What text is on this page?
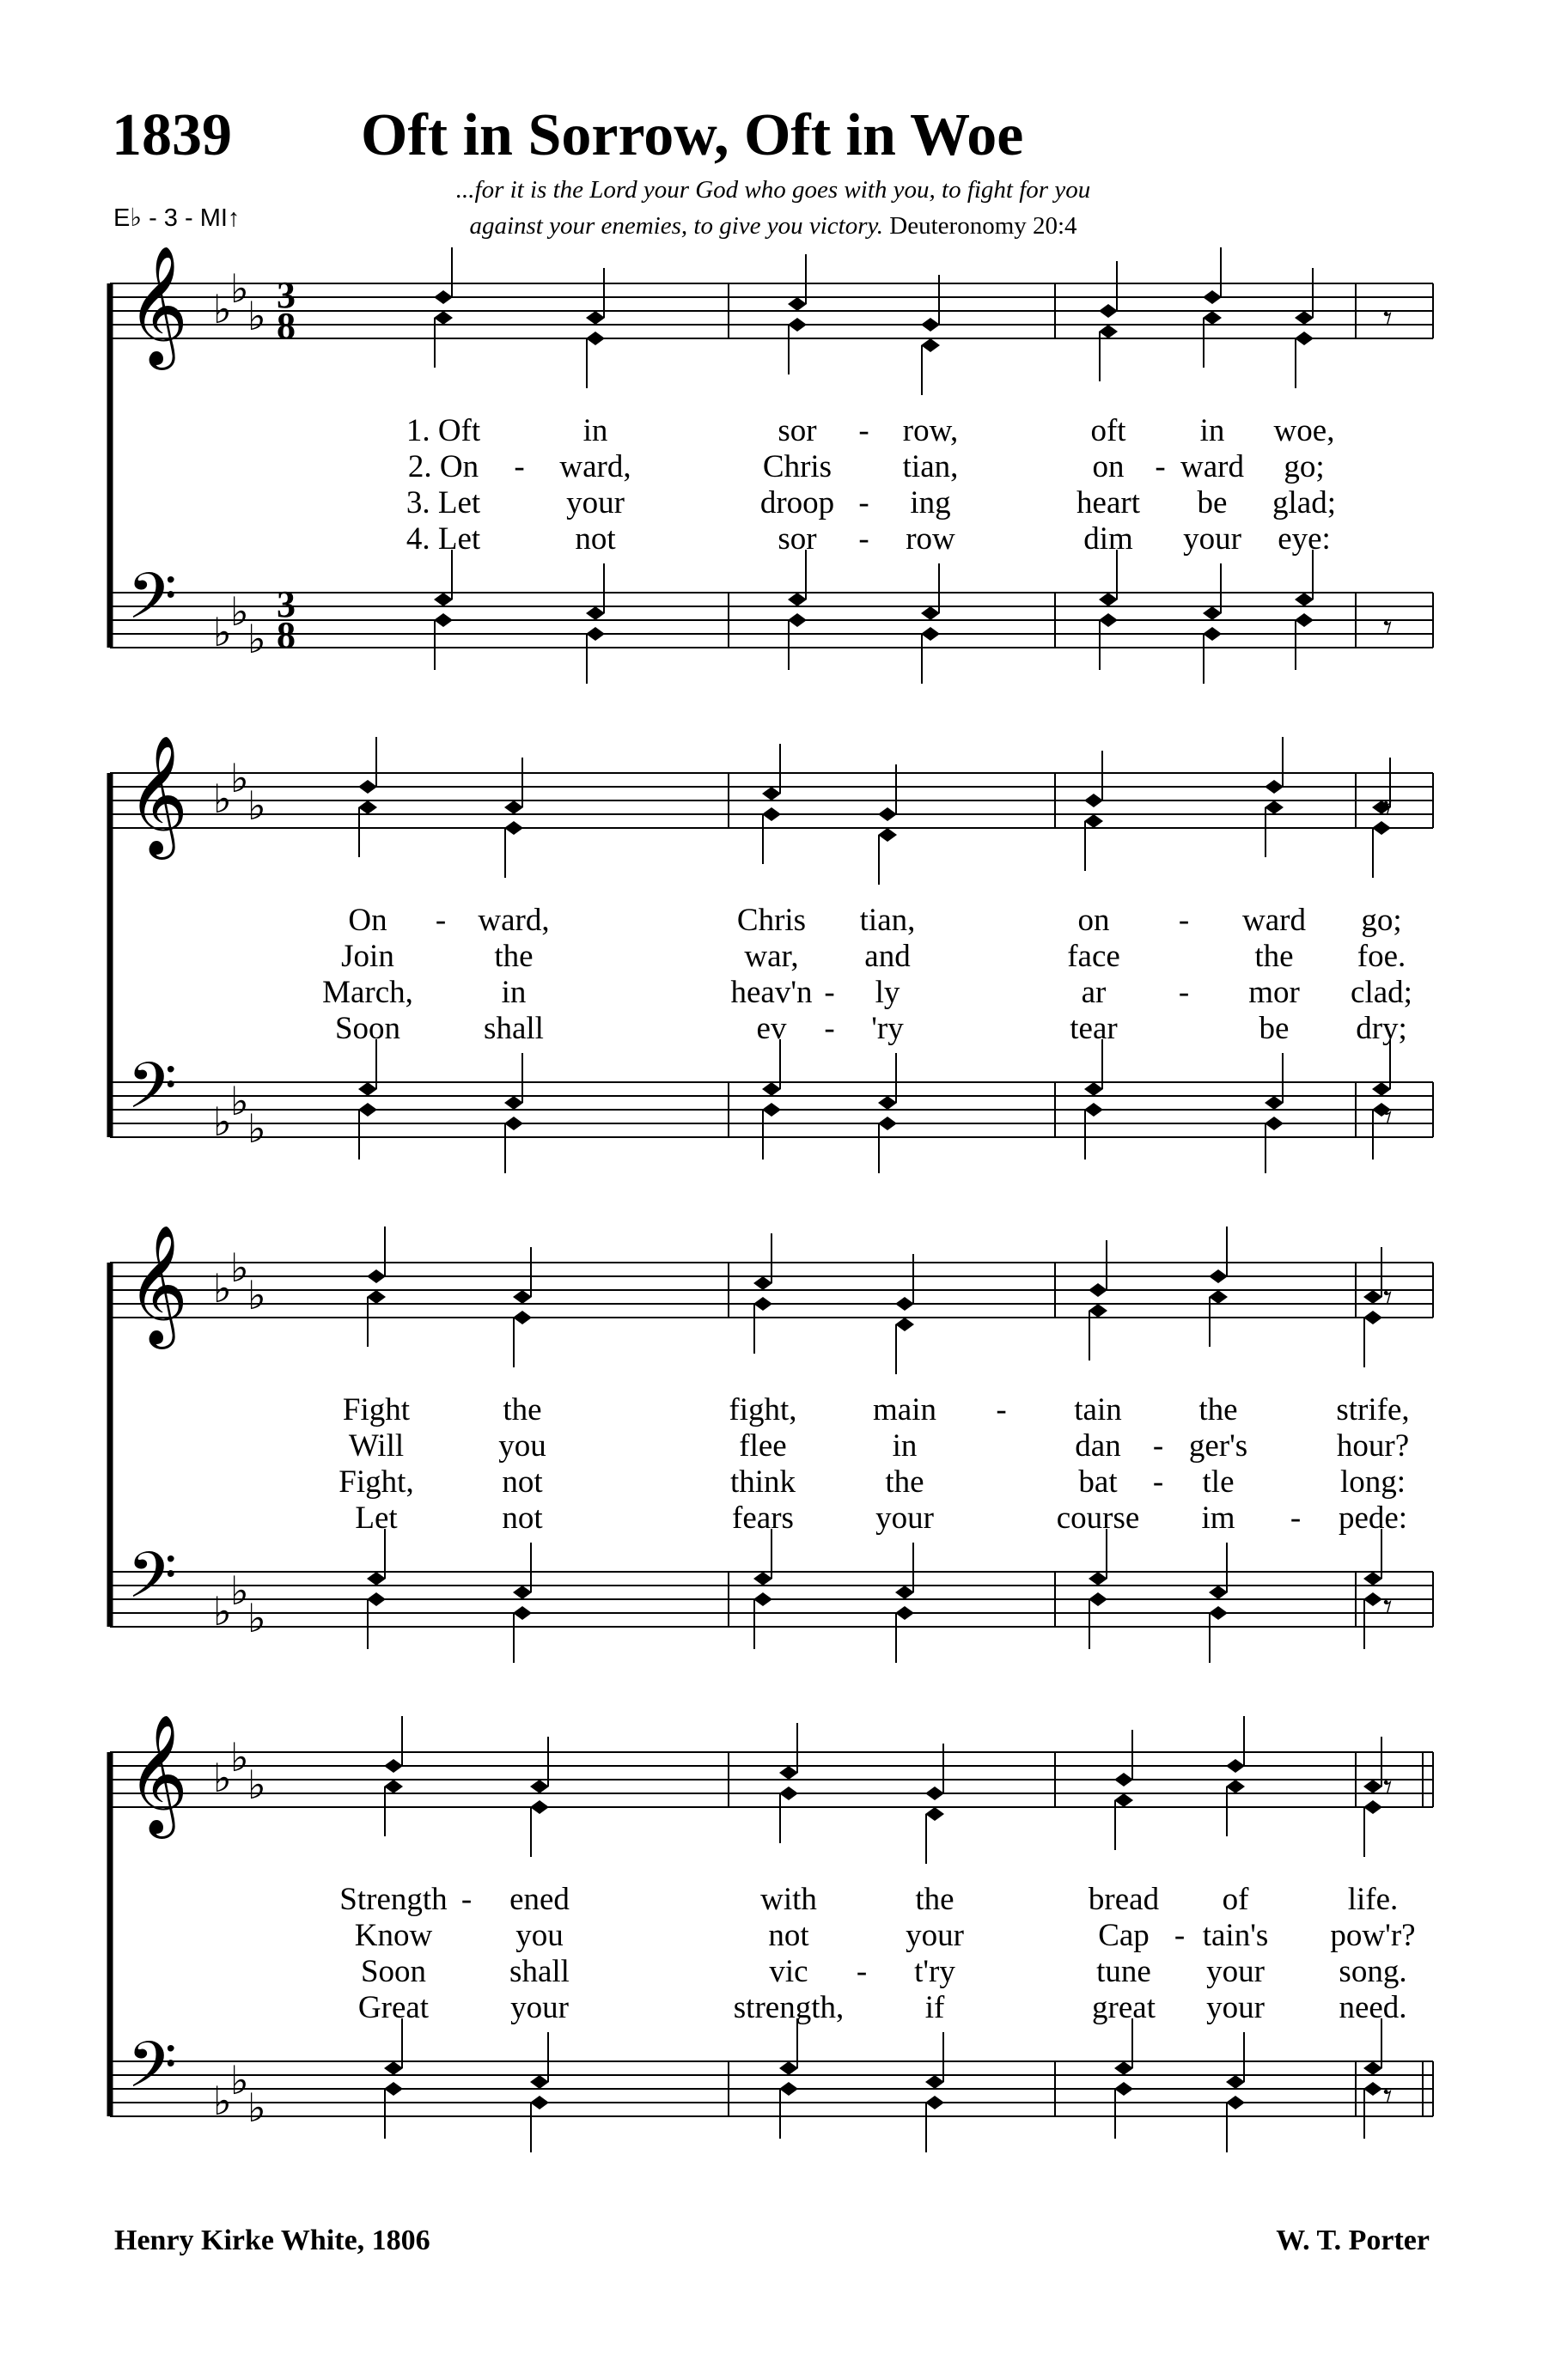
1839 Oft in Sorrow, Oft in Woe
E♭ - 3 - MI↑
...for it is the Lord your God who goes with you, to fight for you
against your enemies, to give you victory. Deuteronomy 20:4
𝄞
𝄢
♭
♭
♭
♭
♭
♭
3
8
3
8
𝄾
𝄾
1. Oft	in	sor	row,	oft in woe,
-
2. On	ward,	Chris tian,	on ward go;
-	-
3. Let	your	droop ing	heart be glad;
-
4. Let	not	sor	row	dim your eye:
-
𝄞
𝄢
♭
♭
♭
♭
♭
♭
𝄾
𝄾
On	ward,	Chris tian,	on	ward go;
-	-
Join	the	war, and	face	the foe.
March,	in	heav'n ly	ar	mor clad;
-	-
Soon	shall	ev	'ry	tear	be dry;
-
𝄞
𝄢
♭
♭
♭
♭
♭
♭
𝄾
𝄾
Fight	the	fight, main	tain the	strife,
-
Will	you	flee	in	dan ger's	hour?
-
Fight,	not	think	the	bat	tle	long:
-
Let	not	fears	your	course im	pede:
-
𝄞
𝄢
♭
♭
♭
♭
♭
♭
𝄾
𝄾
Strength ened	with	the	bread of	life.
-
Know	you	not	your	Cap tain's pow'r?
-
Soon	shall	vic	t'ry	tune your song.
-
Great	your	strength,	if	great your need.
Henry Kirke White, 1806	W. T. Porter
